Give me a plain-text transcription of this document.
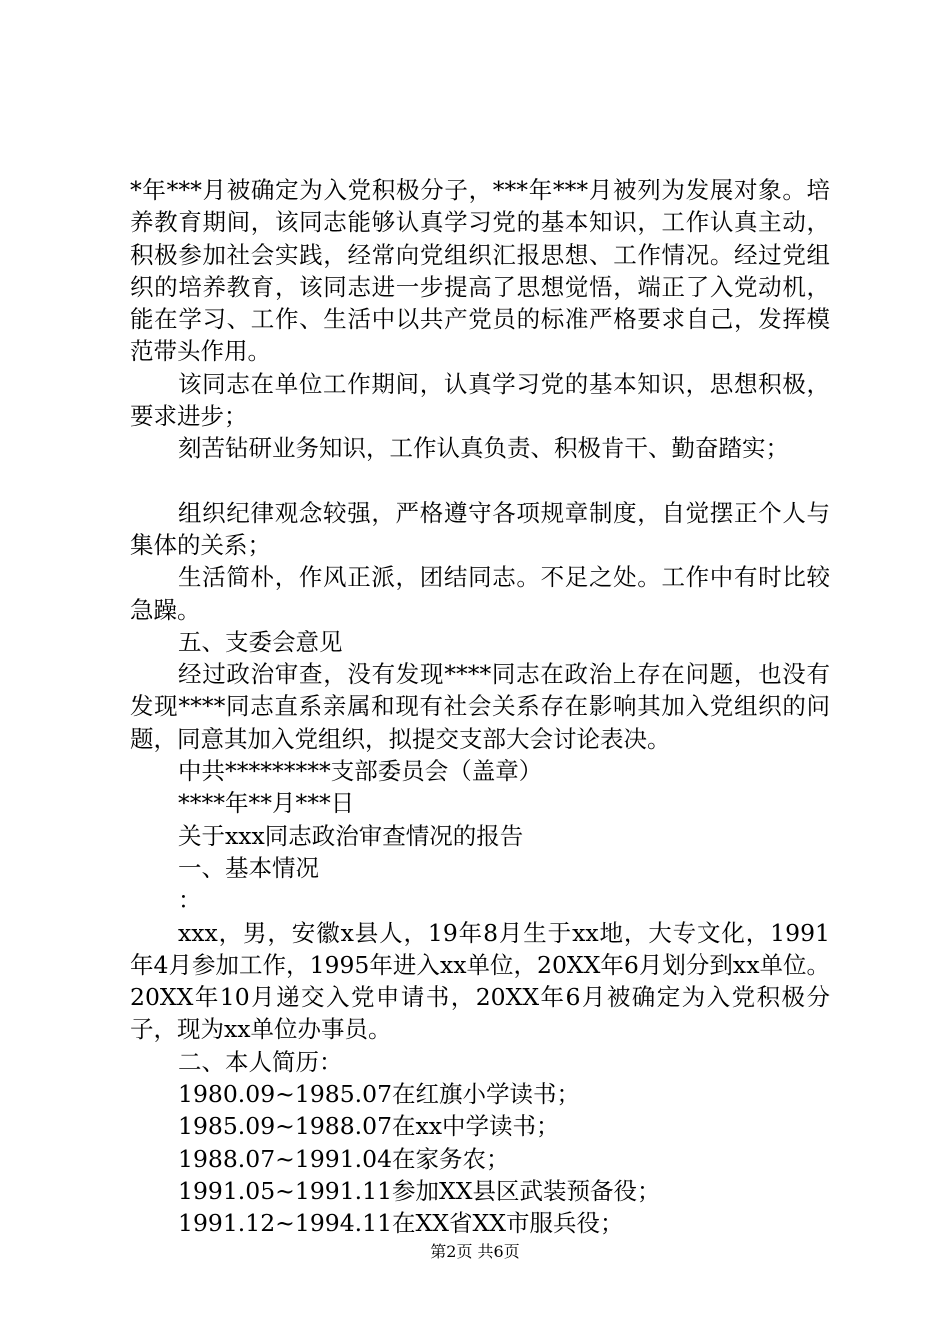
*年***月被确定为入党积极分子，***年***月被列为发展对象。培养教育期间，该同志能够认真学习党的基本知识，工作认真主动，积极参加社会实践，经常向党组织汇报思想、工作情况。经过党组织的培养教育，该同志进一步提高了思想觉悟，端正了入党动机，能在学习、工作、生活中以共产党员的标准严格要求自己，发挥模范带头作用。

该同志在单位工作期间，认真学习党的基本知识，思想积极，要求进步；

刻苦钻研业务知识，工作认真负责、积极肯干、勤奋踏实；

组织纪律观念较强，严格遵守各项规章制度，自觉摆正个人与集体的关系；

生活简朴，作风正派，团结同志。不足之处。工作中有时比较急躁。

五、支委会意见

经过政治审查，没有发现****同志在政治上存在问题，也没有发现****同志直系亲属和现有社会关系存在影响其加入党组织的问题，同意其加入党组织，拟提交支部大会讨论表决。

中共*********支部委员会（盖章）

****年**月***日

关于xxx同志政治审查情况的报告

一、基本情况

：

xxx，男，安徽x县人，19年8月生于xx地，大专文化，1991年4月参加工作，1995年进入xx单位，20XX年6月划分到xx单位。20XX年10月递交入党申请书，20XX年6月被确定为入党积极分子，现为xx单位办事员。

二、本人简历：

1980.09~1985.07在红旗小学读书；

1985.09~1988.07在xx中学读书；

1988.07~1991.04在家务农；

1991.05~1991.11参加XX县区武装预备役；

1991.12~1994.11在XX省XX市服兵役；

第2页 共6页
